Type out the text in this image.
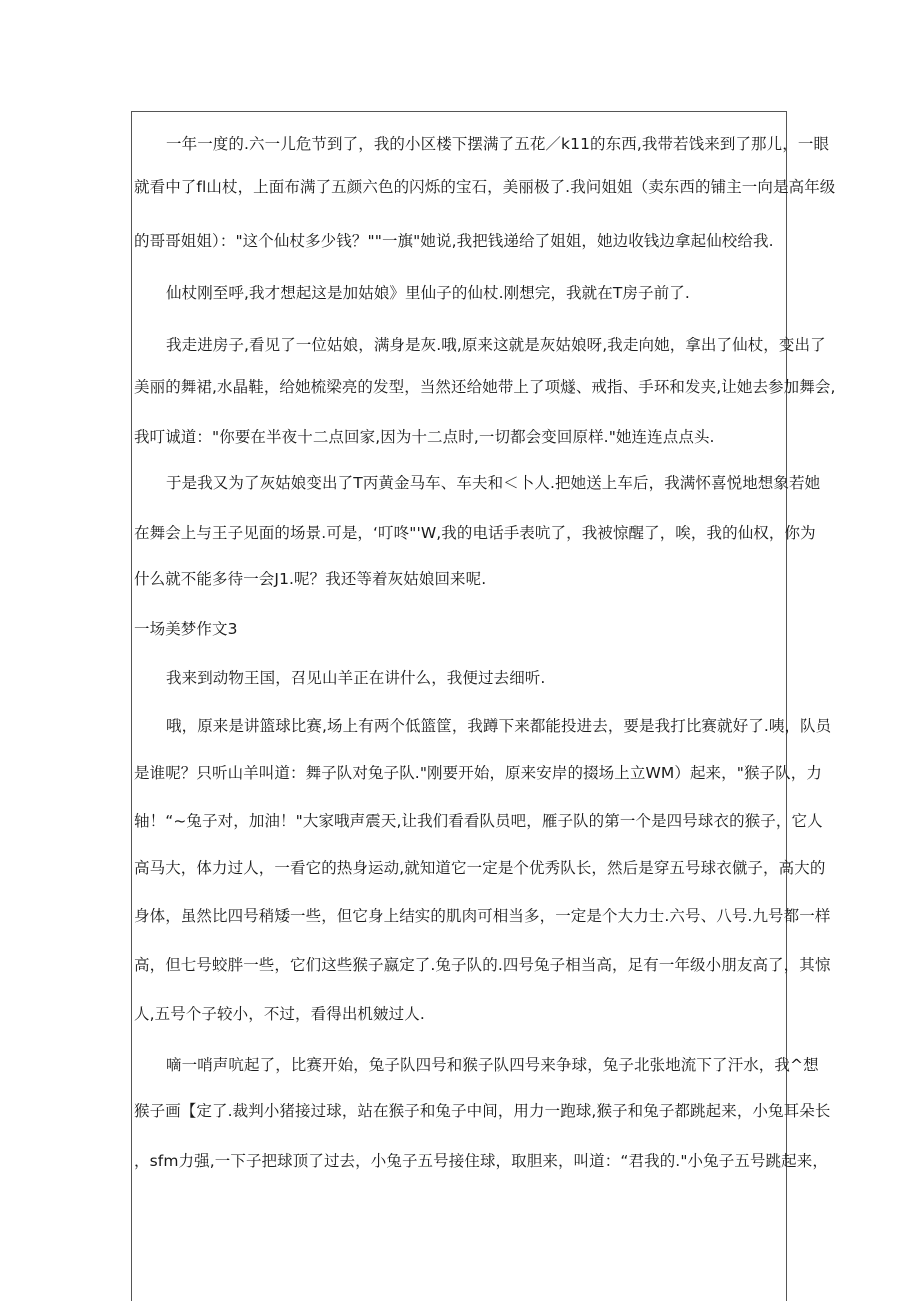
一年一度的.六一儿危节到了，我的小区楼下摆满了五花／k11的东西,我带若饯来到了那儿，一眼
就看中了fl山杖，上面布满了五颜六色的闪烁的宝石，美丽极了.我问姐姐（卖东西的铺主一向是高年级
的哥哥姐姐）："这个仙杖多少钱？""一旗"她说,我把钱递给了姐姐，她边收钱边拿起仙校给我.
仙杖刚至呼,我才想起这是加姑娘》里仙子的仙杖.刚想完，我就在T房子前了.
我走进房子,看见了一位姑娘，满身是灰.哦,原来这就是灰姑娘呀,我走向她，拿出了仙杖，变出了
美丽的舞裙,水晶鞋，给她梳梁亮的发型，当然还给她带上了项燧、戒指、手环和发夹,让她去参加舞会,
我叮诚道："你要在半夜十二点回家,因为十二点时,一切都会变回原样."她连连点点头.
于是我又为了灰姑娘变出了T丙黄金马车、车夫和＜卜人.把她送上车后，我满怀喜悦地想象若她
在舞会上与王子见面的场景.可是，‘叮咚"'W,我的电话手表吭了，我被惊醒了，唉，我的仙权，你为
什么就不能多待一会J1.呢？我还等着灰姑娘回来呢.
一场美梦作文3
我来到动物王国，召见山羊正在讲什么，我便过去细听.
哦，原来是讲篮球比赛,场上有两个低篮筐，我蹲下来都能投进去，要是我打比赛就好了.咦，队员
是谁呢？只听山羊叫道：舞子队对兔子队."刚要开始，原来安岸的掇场上立WM）起来，"猴子队，力
轴！“~兔子对，加油！"大家哦声震天,让我们看看队员吧，雁子队的第一个是四号球衣的猴子，它人
高马大，体力过人，一看它的热身运动,就知道它一定是个优秀队长，然后是穿五号球衣僦子，高大的
身体，虽然比四号稍矮一些，但它身上结实的肌肉可相当多，一定是个大力士.六号、八号.九号都一样
高，但七号蛟胖一些，它们这些猴子嬴定了.兔子队的.四号兔子相当高，足有一年级小朋友高了，其惊
人,五号个子较小，不过，看得出机皴过人.
嘀一哨声吭起了，比赛开始，兔子队四号和猴子队四号来争球，兔子北张地流下了汗水，我^想
猴子画【定了.裁判小猪接过球，站在猴子和兔子中间，用力一跑球,猴子和兔子都跳起来，小兔耳朵长
，sfm力强,一下子把球顶了过去，小兔子五号接住球，取胆来，叫道：“君我的."小兔子五号跳起来，
